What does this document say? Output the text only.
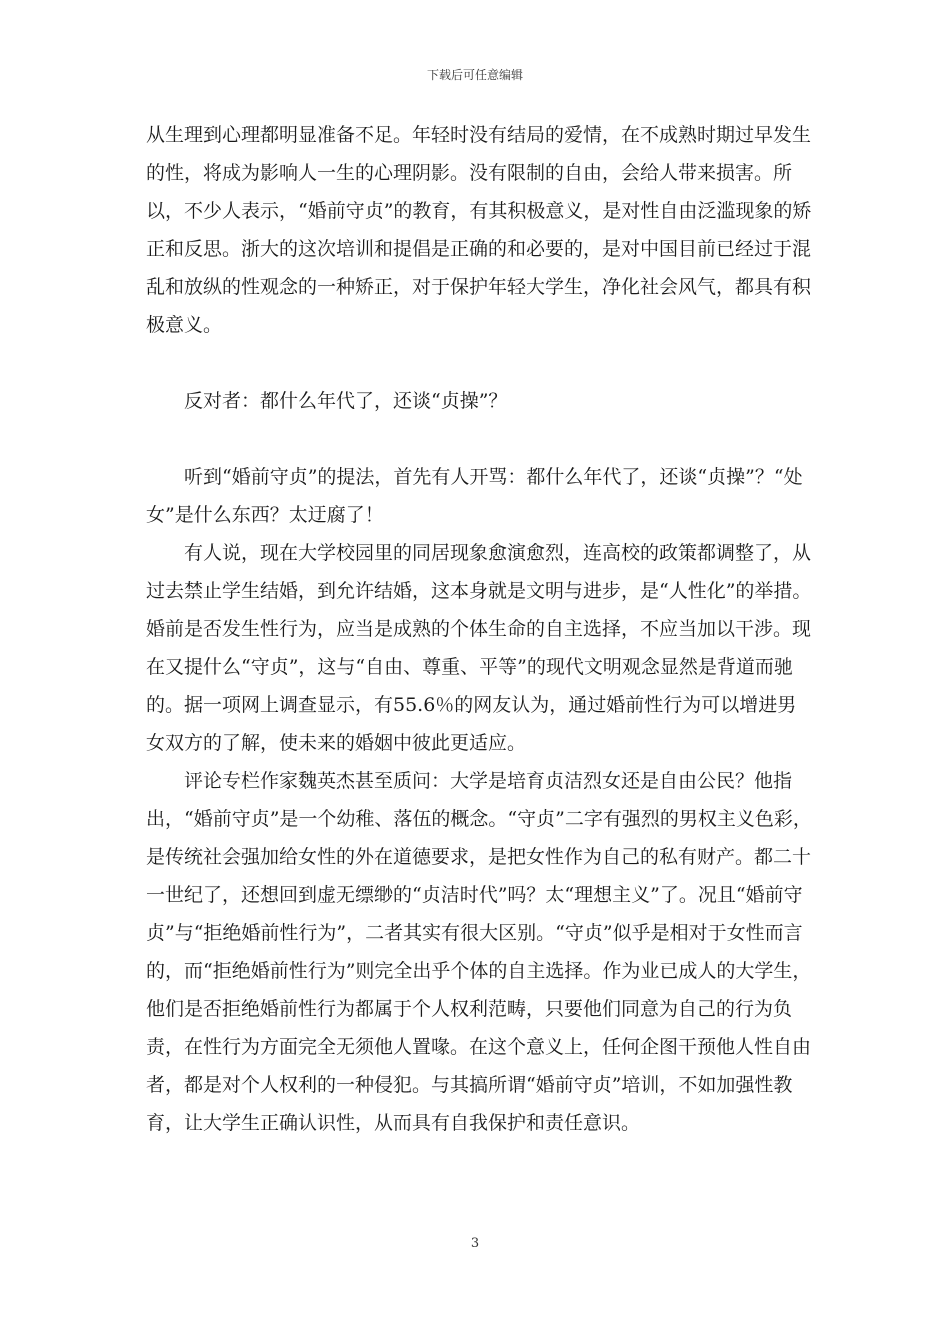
下载后可任意编辑

从生理到心理都明显准备不足。年轻时没有结局的爱情，在不成熟时期过早发生的性，将成为影响人一生的心理阴影。没有限制的自由，会给人带来损害。所以，不少人表示，“婚前守贞”的教育，有其积极意义，是对性自由泛滥现象的矫正和反思。浙大的这次培训和提倡是正确的和必要的，是对中国目前已经过于混乱和放纵的性观念的一种矫正，对于保护年轻大学生，净化社会风气，都具有积极意义。

反对者：都什么年代了，还谈“贞操”？

听到“婚前守贞”的提法，首先有人开骂：都什么年代了，还谈“贞操”？“处女”是什么东西？太迂腐了！

有人说，现在大学校园里的同居现象愈演愈烈，连高校的政策都调整了，从过去禁止学生结婚，到允许结婚，这本身就是文明与进步，是“人性化”的举措。婚前是否发生性行为，应当是成熟的个体生命的自主选择，不应当加以干涉。现在又提什么“守贞”，这与“自由、尊重、平等”的现代文明观念显然是背道而驰的。据一项网上调查显示，有55.6％的网友认为，通过婚前性行为可以增进男女双方的了解，使未来的婚姻中彼此更适应。

评论专栏作家魏英杰甚至质问：大学是培育贞洁烈女还是自由公民？他指出，“婚前守贞”是一个幼稚、落伍的概念。“守贞”二字有强烈的男权主义色彩，是传统社会强加给女性的外在道德要求，是把女性作为自己的私有财产。都二十一世纪了，还想回到虚无缥缈的“贞洁时代”吗？太“理想主义”了。况且“婚前守贞”与“拒绝婚前性行为”，二者其实有很大区别。“守贞”似乎是相对于女性而言的，而“拒绝婚前性行为”则完全出乎个体的自主选择。作为业已成人的大学生，他们是否拒绝婚前性行为都属于个人权利范畴，只要他们同意为自己的行为负责，在性行为方面完全无须他人置喙。在这个意义上，任何企图干预他人性自由者，都是对个人权利的一种侵犯。与其搞所谓“婚前守贞”培训，不如加强性教育，让大学生正确认识性，从而具有自我保护和责任意识。

3
